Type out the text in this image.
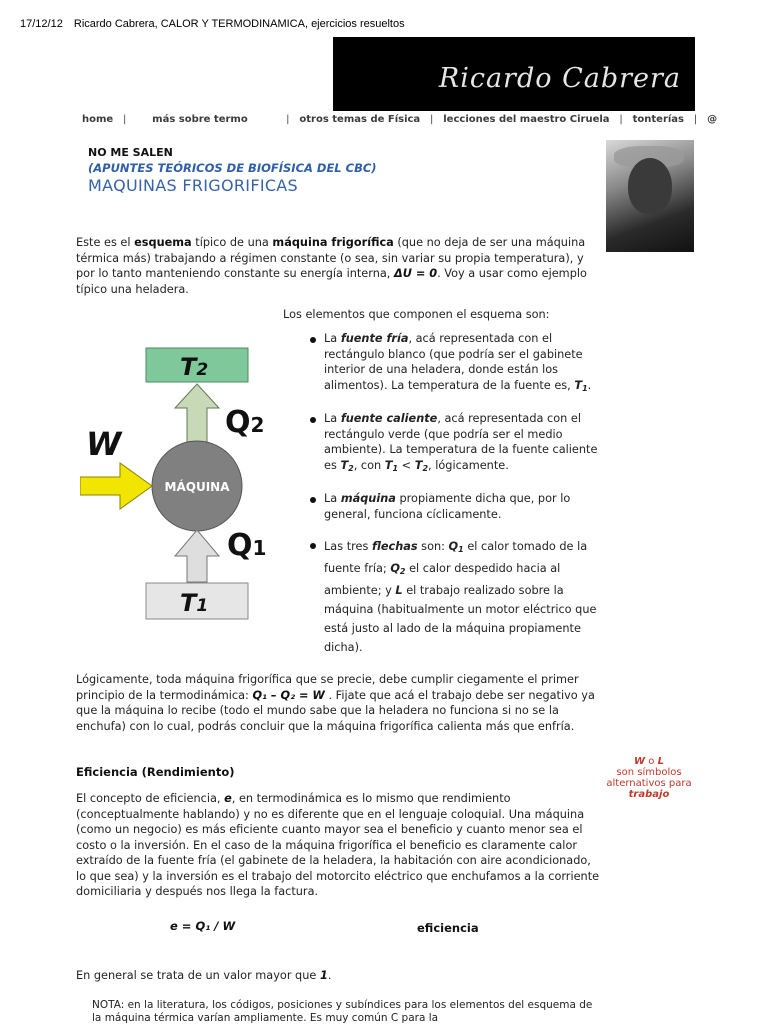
17/12/12 Ricardo Cabrera, CALOR Y TERMODINAMICA, ejercicios resueltos
Ricardo Cabrera
home   |        más sobre termo            |   otros temas de Física   |   lecciones del maestro Ciruela   |   tonterías   |   @
NO ME SALEN
(APUNTES TEÓRICOS DE BIOFÍSICA DEL CBC)
MAQUINAS FRIGORIFICAS
Este es el esquema típico de una máquina frigorífica (que no deja de ser una máquina térmica más) trabajando a régimen constante (o sea, sin variar su propia temperatura), y por lo tanto manteniendo constante su energía interna, ΔU = 0. Voy a usar como ejemplo típico una heladera.
Los elementos que componen el esquema son:
La fuente fría, acá representada con el rectángulo blanco (que podría ser el gabinete interior de una heladera, donde están los alimentos). La temperatura de la fuente es, $T_1$.
La fuente caliente, acá representada con el rectángulo verde (que podría ser el medio ambiente). La temperatura de la fuente caliente es $T_2$, con $T_1 < T_2$, lógicamente.
La máquina propiamente dicha que, por lo general, funciona cíclicamente.
Las tres flechas son: $Q_1$ el calor tomado de la fuente fría; $Q_2$ el calor despedido hacia al ambiente; y L el trabajo realizado sobre la máquina (habitualmente un motor eléctrico que está justo al lado de la máquina propiamente dicha).
T2
Q2
MÁQUINA
W
Q1
T1
Lógicamente, toda máquina frigorífica que se precie, debe cumplir ciegamente el primer principio de la termodinámica: Q₁ – Q₂ = W . Fijate que acá el trabajo debe ser negativo ya que la máquina lo recibe (todo el mundo sabe que la heladera no funciona si no se la enchufa) con lo cual, podrás concluir que la máquina frigorífica calienta más que enfría.
Eficiencia (Rendimiento)
El concepto de eficiencia, e, en termodinámica es lo mismo que rendimiento (conceptualmente hablando) y no es diferente que en el lenguaje coloquial. Una máquina (como un negocio) es más eficiente cuanto mayor sea el beneficio y cuanto menor sea el costo o la inversión. En el caso de la máquina frigorífica el beneficio es claramente calor extraído de la fuente fría (el gabinete de la heladera, la habitación con aire acondicionado, lo que sea) y la inversión es el trabajo del motorcito eléctrico que enchufamos a la corriente domiciliaria y después nos llega la factura.
e = Q₁ / W	eficiencia
En general se trata de un valor mayor que 1.
NOTA: en la literatura, los códigos, posiciones y subíndices para los elementos del esquema de la máquina térmica varían ampliamente. Es muy común C para la
W o L
son símbolos alternativos para
trabajo
